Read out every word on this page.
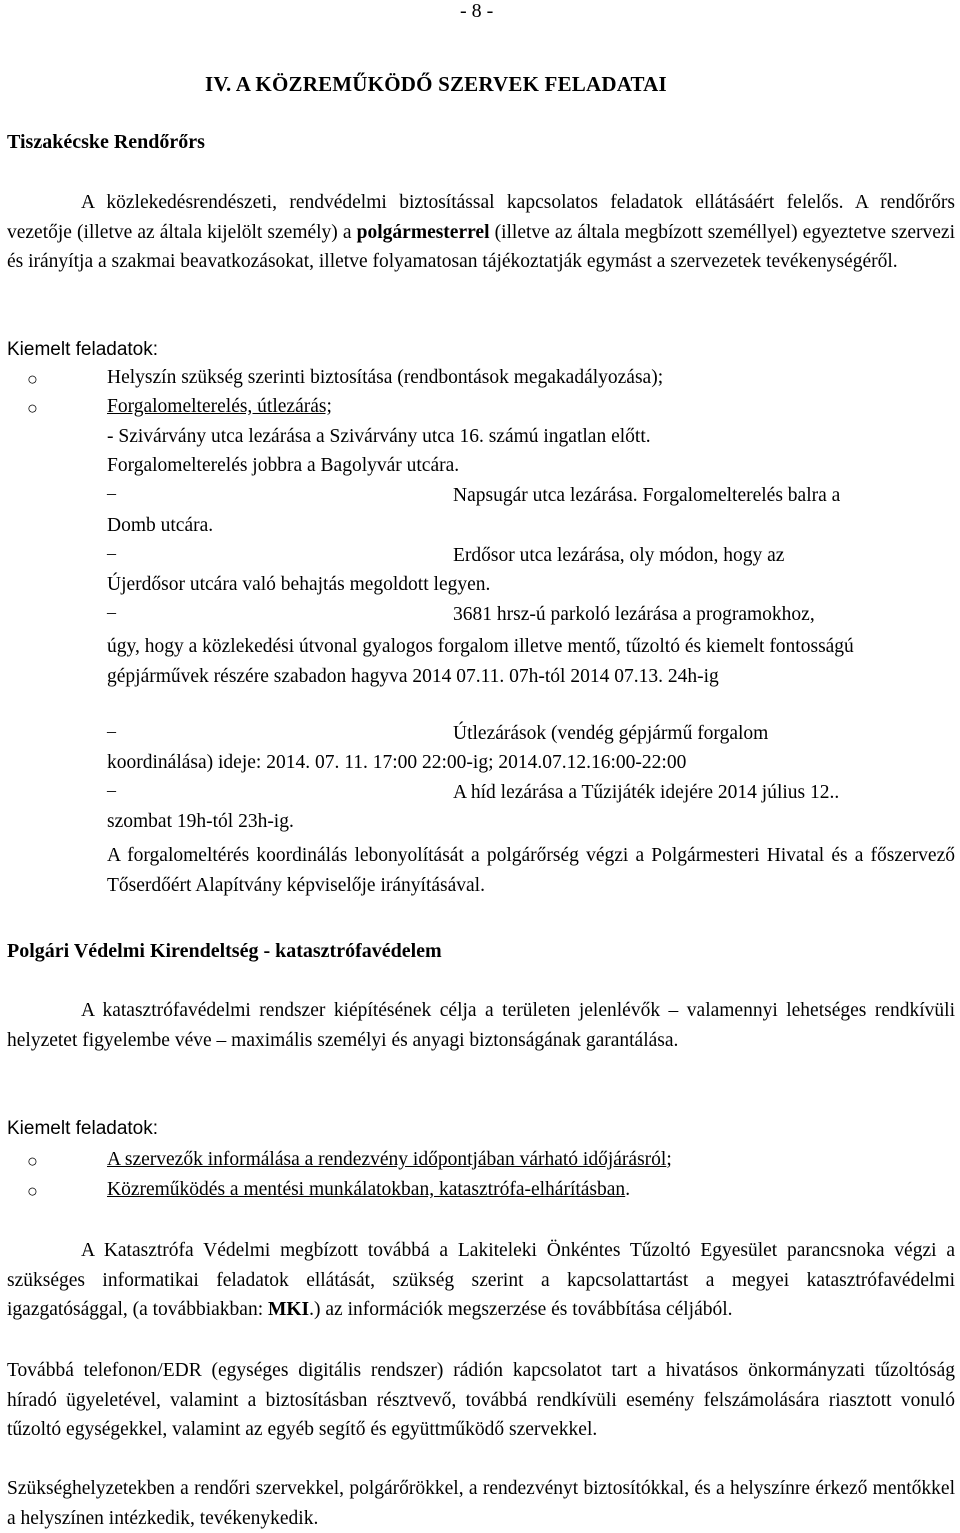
- 8 -
IV. A KÖZREMŰKÖDŐ SZERVEK FELADATAI
Tiszakécske Rendőrőrs
A közlekedésrendészeti, rendvédelmi biztosítással kapcsolatos feladatok ellátásáért felelős. A rendőrőrs vezetője (illetve az általa kijelölt személy) a polgármesterrel (illetve az általa megbízott személlyel) egyeztetve szervezi és irányítja a szakmai beavatkozásokat, illetve folyamatosan tájékoztatják egymást a szervezetek tevékenységéről.
Kiemelt feladatok:
○	Helyszín szükség szerinti biztosítása (rendbontások megakadályozása);
○	Forgalomelterelés, útlezárás;
- Szivárvány utca lezárása a Szivárvány utca 16. számú ingatlan előtt.
Forgalomelterelés jobbra a Bagolyvár utcára.
–	Napsugár utca lezárása. Forgalomelterelés balra a
Domb utcára.
–	Erdősor utca lezárása, oly módon, hogy az
Újerdősor utcára való behajtás megoldott legyen.
–	3681 hrsz-ú parkoló lezárása a programokhoz,
úgy, hogy a közlekedési útvonal gyalogos forgalom illetve mentő, tűzoltó és kiemelt fontosságú gépjárművek részére szabadon hagyva 2014 07.11. 07h-tól 2014 07.13. 24h-ig
–	Útlezárások (vendég gépjármű forgalom
koordinálása) ideje: 2014. 07. 11. 17:00 22:00-ig; 2014.07.12.16:00-22:00
–	A híd lezárása a Tűzijáték idejére 2014 július 12..
szombat 19h-tól 23h-ig.
A forgalomeltérés koordinálás lebonyolítását a polgárőrség végzi a Polgármesteri Hivatal és a főszervező Tőserdőért Alapítvány képviselője irányításával.
Polgári Védelmi Kirendeltség - katasztrófavédelem
A katasztrófavédelmi rendszer kiépítésének célja a területen jelenlévők – valamennyi lehetséges rendkívüli helyzetet figyelembe véve – maximális személyi és anyagi biztonságának garantálása.
Kiemelt feladatok:
○	A szervezők informálása a rendezvény időpontjában várható időjárásról;
○	Közreműködés a mentési munkálatokban, katasztrófa-elhárításban.
A Katasztrófa Védelmi megbízott továbbá a Lakiteleki Önkéntes Tűzoltó Egyesület parancsnoka végzi a szükséges informatikai feladatok ellátását, szükség szerint a kapcsolattartást a megyei katasztrófavédelmi igazgatósággal, (a továbbiakban: MKI.) az információk megszerzése és továbbítása céljából.
Továbbá telefonon/EDR (egységes digitális rendszer) rádión kapcsolatot tart a hivatásos önkormányzati tűzoltóság híradó ügyeletével, valamint a biztosításban résztvevő, továbbá rendkívüli esemény felszámolására riasztott vonuló tűzoltó egységekkel, valamint az egyéb segítő és együttműködő szervekkel.
Szükséghelyzetekben a rendőri szervekkel, polgárőrökkel, a rendezvényt biztosítókkal, és a helyszínre érkező mentőkkel a helyszínen intézkedik, tevékenykedik.
